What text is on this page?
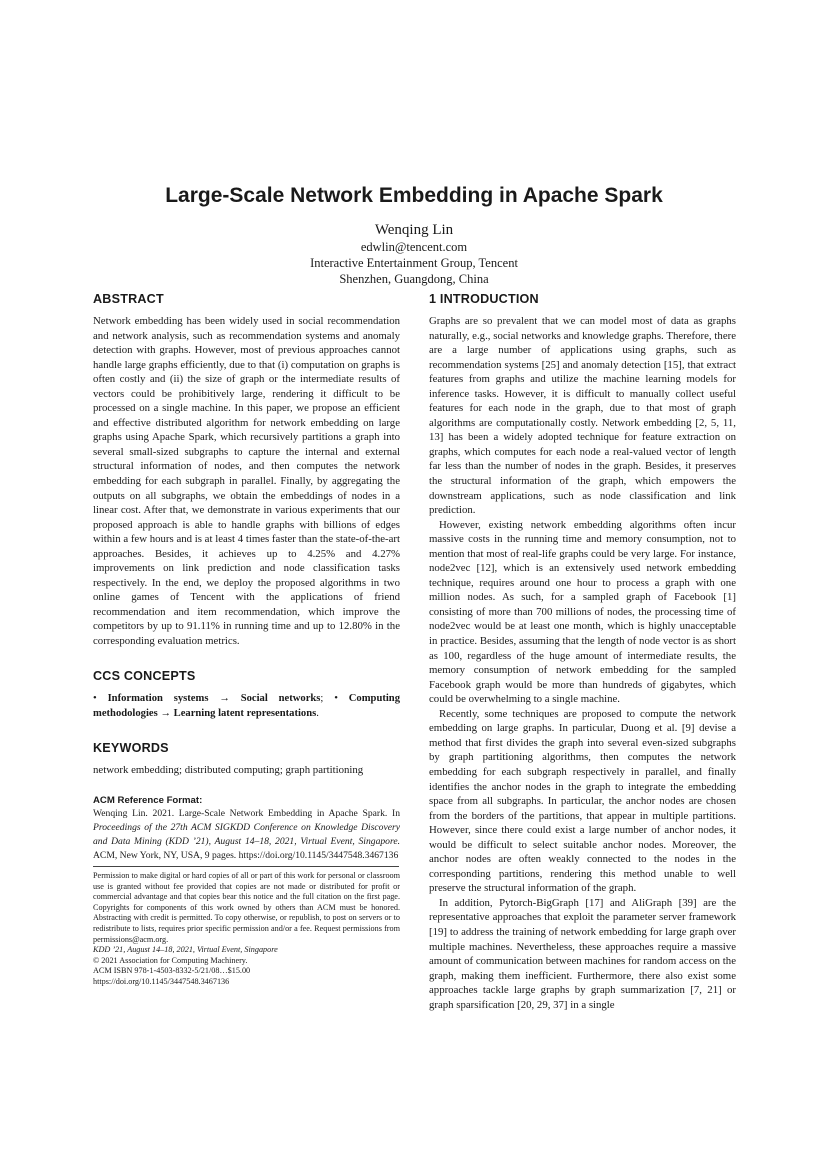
Large-Scale Network Embedding in Apache Spark
Wenqing Lin
edwlin@tencent.com
Interactive Entertainment Group, Tencent
Shenzhen, Guangdong, China
ABSTRACT

Network embedding has been widely used in social recommendation and network analysis, such as recommendation systems and anomaly detection with graphs. However, most of previous approaches cannot handle large graphs efficiently, due to that (i) computation on graphs is often costly and (ii) the size of graph or the intermediate results of vectors could be prohibitively large, rendering it difficult to be processed on a single machine. In this paper, we propose an efficient and effective distributed algorithm for network embedding on large graphs using Apache Spark, which recursively partitions a graph into several small-sized subgraphs to capture the internal and external structural information of nodes, and then computes the network embedding for each subgraph in parallel. Finally, by aggregating the outputs on all subgraphs, we obtain the embeddings of nodes in a linear cost. After that, we demonstrate in various experiments that our proposed approach is able to handle graphs with billions of edges within a few hours and is at least 4 times faster than the state-of-the-art approaches. Besides, it achieves up to 4.25% and 4.27% improvements on link prediction and node classification tasks respectively. In the end, we deploy the proposed algorithms in two online games of Tencent with the applications of friend recommendation and item recommendation, which improve the competitors by up to 91.11% in running time and up to 12.80% in the corresponding evaluation metrics.

CCS CONCEPTS
• Information systems → Social networks; • Computing methodologies → Learning latent representations.
KEYWORDS

network embedding; distributed computing; graph partitioning

ACM Reference Format:
Wenqing Lin. 2021. Large-Scale Network Embedding in Apache Spark. In Proceedings of the 27th ACM SIGKDD Conference on Knowledge Discovery and Data Mining (KDD ’21), August 14–18, 2021, Virtual Event, Singapore. ACM, New York, NY, USA, 9 pages. https://doi.org/10.1145/3447548.3467136
Permission to make digital or hard copies of all or part of this work for personal or classroom use is granted without fee provided that copies are not made or distributed for profit or commercial advantage and that copies bear this notice and the full citation on the first page. Copyrights for components of this work owned by others than ACM must be honored. Abstracting with credit is permitted. To copy otherwise, or republish, to post on servers or to redistribute to lists, requires prior specific permission and/or a fee. Request permissions from permissions@acm.org.
KDD ’21, August 14–18, 2021, Virtual Event, Singapore
© 2021 Association for Computing Machinery.
ACM ISBN 978-1-4503-8332-5/21/08…$15.00
https://doi.org/10.1145/3447548.3467136
1 INTRODUCTION

Graphs are so prevalent that we can model most of data as graphs naturally, e.g., social networks and knowledge graphs. Therefore, there are a large number of applications using graphs, such as recommendation systems [25] and anomaly detection [15], that extract features from graphs and utilize the machine learning models for inference tasks. However, it is difficult to manually collect useful features for each node in the graph, due to that most of graph algorithms are computationally costly. Network embedding [2, 5, 11, 13] has been a widely adopted technique for feature extraction on graphs, which computes for each node a real-valued vector of length far less than the number of nodes in the graph. Besides, it preserves the structural information of the graph, which empowers the downstream applications, such as node classification and link prediction.

However, existing network embedding algorithms often incur massive costs in the running time and memory consumption, not to mention that most of real-life graphs could be very large. For instance, node2vec [12], which is an extensively used network embedding technique, requires around one hour to process a graph with one million nodes. As such, for a sampled graph of Facebook [1] consisting of more than 700 millions of nodes, the processing time of node2vec would be at least one month, which is highly unacceptable in practice. Besides, assuming that the length of node vector is as short as 100, regardless of the huge amount of intermediate results, the memory consumption of network embedding for the sampled Facebook graph would be more than hundreds of gigabytes, which could be overwhelming to a single machine.

Recently, some techniques are proposed to compute the network embedding on large graphs. In particular, Duong et al. [9] devise a method that first divides the graph into several even-sized subgraphs by graph partitioning algorithms, then computes the network embedding for each subgraph respectively in parallel, and finally identifies the anchor nodes in the graph to integrate the embedding space from all subgraphs. In particular, the anchor nodes are chosen from the borders of the partitions, that appear in multiple partitions. However, since there could exist a large number of anchor nodes, it would be difficult to select suitable anchor nodes. Moreover, the anchor nodes are often weakly connected to the nodes in the corresponding partitions, rendering this method unable to well preserve the structural information of the graph.

In addition, Pytorch-BigGraph [17] and AliGraph [39] are the representative approaches that exploit the parameter server framework [19] to address the training of network embedding for large graph over multiple machines. Nevertheless, these approaches require a massive amount of communication between machines for random access on the graph, making them inefficient. Furthermore, there also exist some approaches tackle large graphs by graph summarization [7, 21] or graph sparsification [20, 29, 37] in a single
